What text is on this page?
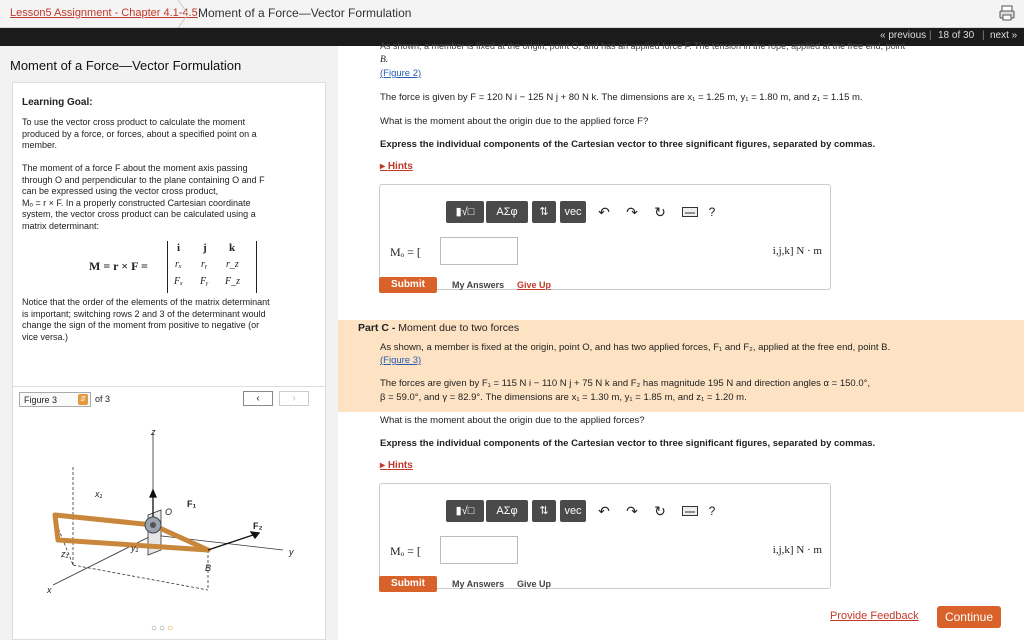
Lesson5 Assignment - Chapter 4.1-4.5 Moment of a Force—Vector Formulation
« previous | 18 of 30 | next »
Moment of a Force—Vector Formulation
Learning Goal:
To use the vector cross product to calculate the moment
produced by a force, or forces, about a specified point on a
member.
The moment of a force F about the moment axis passing
through O and perpendicular to the plane containing O and F
can be expressed using the vector cross product,
Mₒ = r × F. In a properly constructed Cartesian coordinate
system, the vector cross product can be calculated using a
matrix determinant:
M = r × F =
i j k
rₓ rᵧ r_z
Fₓ Fᵧ F_z
Notice that the order of the elements of the matrix determinant
is important; switching rows 2 and 3 of the determinant would
change the sign of the moment from positive to negative (or
vice versa.)
Figure 3	⇵ of 3	‹	›
z
x₁
O
F₁
F₂
y₁
z₁
B
y
x
○○○
As shown, a member is fixed at the origin, point O, and has an applied force F. The tension in the rope, applied at the free end, point
B.
(Figure 2)
The force is given by F = 120 N i − 125 N j + 80 N k. The dimensions are x₁ = 1.25 m, y₁ = 1.80 m, and z₁ = 1.15 m.
What is the moment about the origin due to the applied force F?
Express the individual components of the Cartesian vector to three significant figures, separated by commas.
▸ Hints
▮√□	ΑΣφ	⇅	vec	↶ ↷ ↻	?
Mₒ = [	i,j,k] N · m
Submit	My Answers Give Up
Part C - Moment due to two forces
As shown, a member is fixed at the origin, point O, and has two applied forces, F₁ and F₂, applied at the free end, point B.
(Figure 3)
The forces are given by F₁ = 115 N i − 110 N j + 75 N k and F₂ has magnitude 195 N and direction angles α = 150.0°,
β = 59.0°, and γ = 82.9°. The dimensions are x₁ = 1.30 m, y₁ = 1.85 m, and z₁ = 1.20 m.
What is the moment about the origin due to the applied forces?
Express the individual components of the Cartesian vector to three significant figures, separated by commas.
▸ Hints
▮√□	ΑΣφ	⇅	vec	↶ ↷ ↻	?
Mₒ = [	i,j,k] N · m
Submit	My Answers Give Up
Provide Feedback	Continue
